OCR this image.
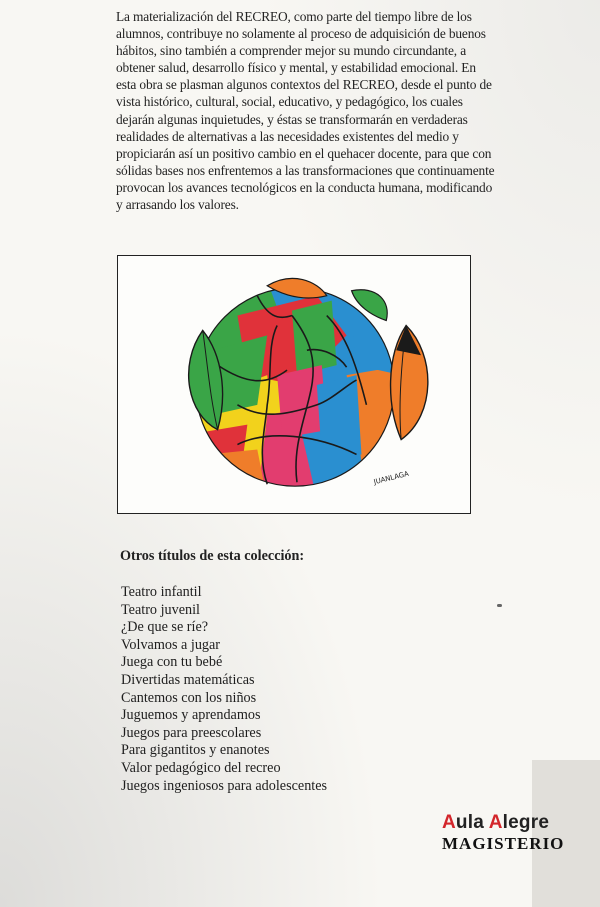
La materialización del RECREO, como parte del tiempo libre de los alumnos, contribuye no solamente al proceso de adquisición de buenos hábitos, sino también a comprender mejor su mundo circundante, a obtener salud, desarrollo físico y mental, y estabilidad emocional. En esta obra se plasman algunos contextos del RECREO, desde el punto de vista histórico, cultural, social, educativo, y pedagógico, los cuales dejarán algunas inquietudes, y éstas se transformarán en verdaderas realidades de alternativas a las necesidades existentes del medio y propiciarán así un positivo cambio en el quehacer docente, para que con sólidas bases nos enfrentemos a las transformaciones que continuamente provocan los avances tecnológicos en la conducta humana, modificando y arrasando los valores.

JUANLAGA
Otros títulos de esta colección:
Teatro infantil
Teatro juvenil
¿De que se ríe?
Volvamos a jugar
Juega con tu bebé
Divertidas matemáticas
Cantemos con los niños
Juguemos y aprendamos
Juegos para preescolares
Para gigantitos y enanotes
Valor pedagógico del recreo
Juegos ingeniosos para adolescentes
Aula Alegre
MAGISTERIO
